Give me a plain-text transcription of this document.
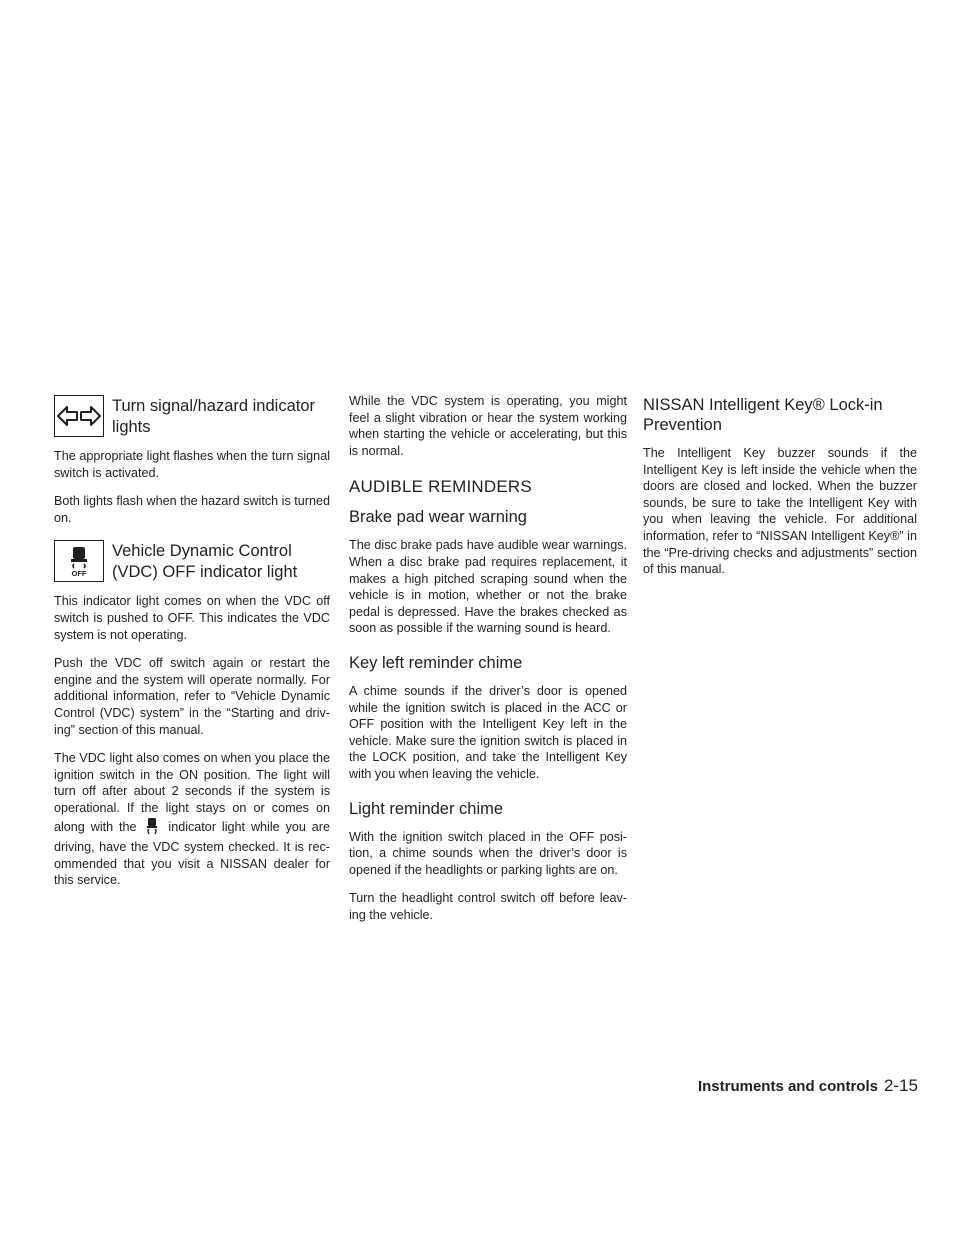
Turn signal/hazard indicator lights

The appropriate light flashes when the turn signal switch is activated.

Both lights flash when the hazard switch is turned on.

OFF
Vehicle Dynamic Control (VDC) OFF indicator light

This indicator light comes on when the VDC off switch is pushed to OFF. This indicates the VDC system is not operating.

Push the VDC off switch again or restart the engine and the system will operate normally. For additional information, refer to “Vehicle Dynamic Control (VDC) system” in the “Starting and driv-ing” section of this manual.

The VDC light also comes on when you place the ignition switch in the ON position. The light will turn off after about 2 seconds if the system is operational. If the light stays on or comes on along with the	indicator light while you are driving, have the VDC system checked. It is rec-ommended that you visit a NISSAN dealer for this service.

While the VDC system is operating, you might feel a slight vibration or hear the system working when starting the vehicle or accelerating, but this is normal.

AUDIBLE REMINDERS
Brake pad wear warning

The disc brake pads have audible wear warnings. When a disc brake pad requires replacement, it makes a high pitched scraping sound when the vehicle is in motion, whether or not the brake pedal is depressed. Have the brakes checked as soon as possible if the warning sound is heard.

Key left reminder chime

A chime sounds if the driver’s door is opened while the ignition switch is placed in the ACC or OFF position with the Intelligent Key left in the vehicle. Make sure the ignition switch is placed in the LOCK position, and take the Intelligent Key with you when leaving the vehicle.

Light reminder chime

With the ignition switch placed in the OFF posi-tion, a chime sounds when the driver’s door is opened if the headlights or parking lights are on.

Turn the headlight control switch off before leav-ing the vehicle.

NISSAN Intelligent Key® Lock-in Prevention

The Intelligent Key buzzer sounds if the Intelligent Key is left inside the vehicle when the doors are closed and locked. When the buzzer sounds, be sure to take the Intelligent Key with you when leaving the vehicle. For additional information, refer to “NISSAN Intelligent Key®” in the “Pre-driving checks and adjustments” section of this manual.

Instruments and controls 2-15
